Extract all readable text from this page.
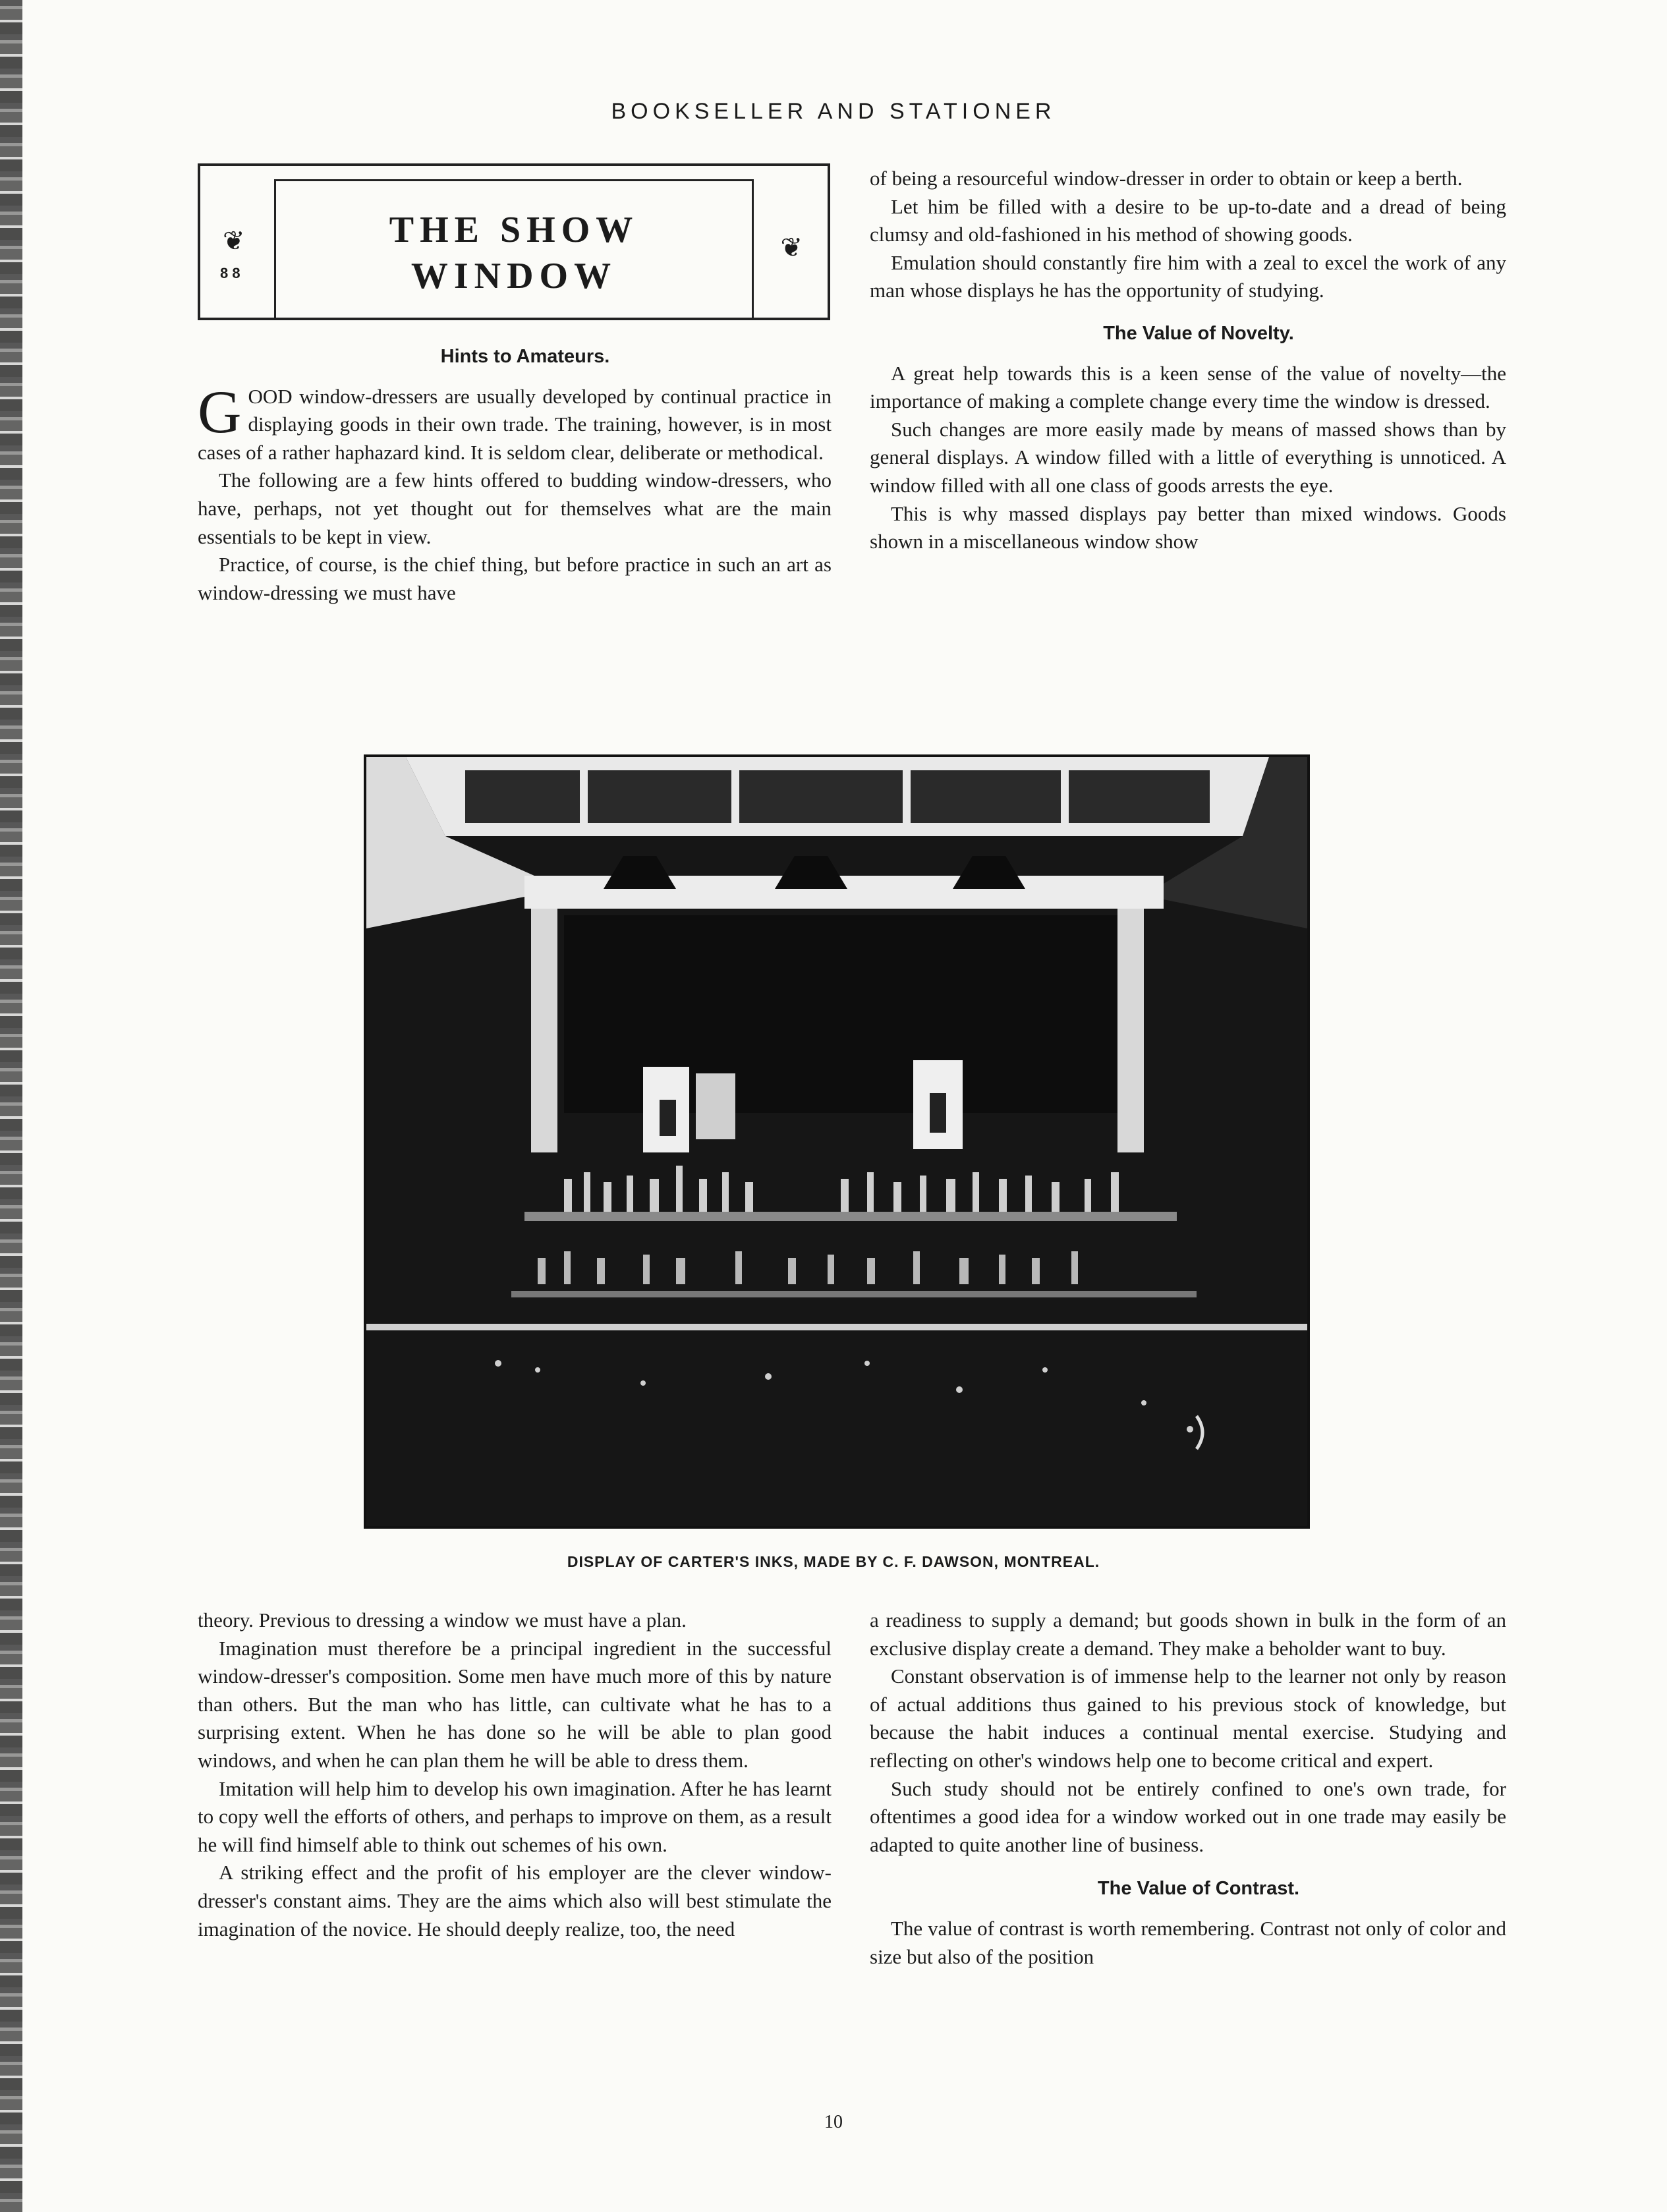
BOOKSELLER AND STATIONER
❦
8 8
THE SHOW
WINDOW
❦

Hints to Amateurs.

GOOD window-dressers are usually developed by continual practice in displaying goods in their own trade. The training, however, is in most cases of a rather haphazard kind. It is seldom clear, deliberate or methodical.

The following are a few hints offered to budding window-dressers, who have, perhaps, not yet thought out for themselves what are the main essentials to be kept in view.

Practice, of course, is the chief thing, but before practice in such an art as window-dressing we must have

of being a resourceful window-dresser in order to obtain or keep a berth.

Let him be filled with a desire to be up-to-date and a dread of being clumsy and old-fashioned in his method of showing goods.

Emulation should constantly fire him with a zeal to excel the work of any man whose displays he has the opportunity of studying.

The Value of Novelty.

A great help towards this is a keen sense of the value of novelty—the importance of making a complete change every time the window is dressed.

Such changes are more easily made by means of massed shows than by general displays. A window filled with a little of everything is unnoticed. A window filled with all one class of goods arrests the eye.

This is why massed displays pay better than mixed windows. Goods shown in a miscellaneous window show

DISPLAY OF CARTER'S INKS, MADE BY C. F. DAWSON, MONTREAL.

theory. Previous to dressing a window we must have a plan.

Imagination must therefore be a principal ingredient in the successful window-dresser's composition. Some men have much more of this by nature than others. But the man who has little, can cultivate what he has to a surprising extent. When he has done so he will be able to plan good windows, and when he can plan them he will be able to dress them.

Imitation will help him to develop his own imagination. After he has learnt to copy well the efforts of others, and perhaps to improve on them, as a result he will find himself able to think out schemes of his own.

A striking effect and the profit of his employer are the clever window-dresser's constant aims. They are the aims which also will best stimulate the imagination of the novice. He should deeply realize, too, the need

a readiness to supply a demand; but goods shown in bulk in the form of an exclusive display create a demand. They make a beholder want to buy.

Constant observation is of immense help to the learner not only by reason of actual additions thus gained to his previous stock of knowledge, but because the habit induces a continual mental exercise. Studying and reflecting on other's windows help one to become critical and expert.

Such study should not be entirely confined to one's own trade, for oftentimes a good idea for a window worked out in one trade may easily be adapted to quite another line of business.

The Value of Contrast.

The value of contrast is worth remembering. Contrast not only of color and size but also of the position

10
